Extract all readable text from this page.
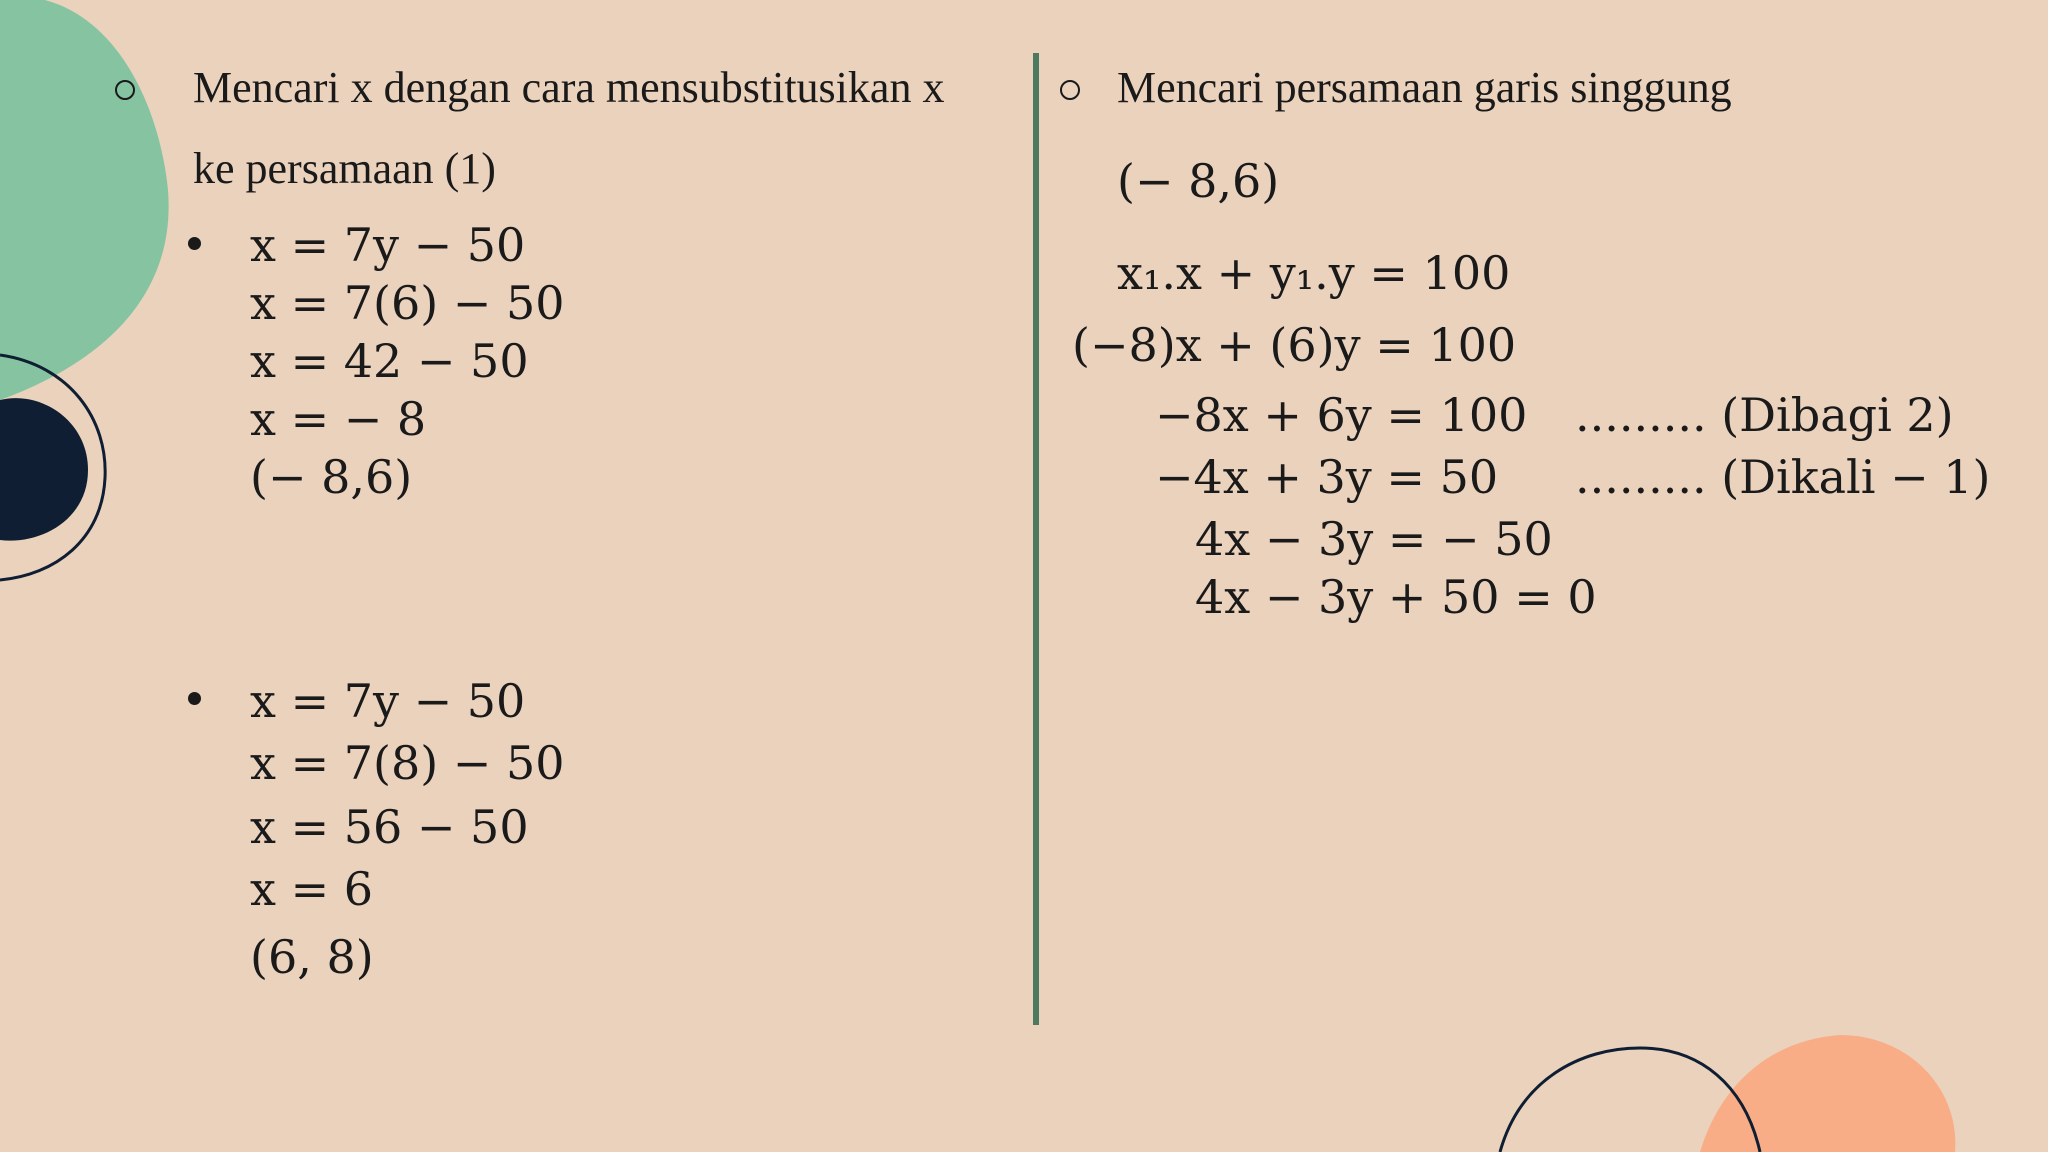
Mencari x dengan cara mensubstitusikan x
ke persamaan (1)
x = 7y − 50
x = 7(6) − 50
x = 42 − 50
x = − 8
(− 8,6)
x = 7y − 50
x = 7(8) − 50
x = 56 − 50
x = 6
(6, 8)
Mencari persamaan garis singgung
(− 8,6)
x₁.x + y₁.y = 100
(−8)x + (6)y = 100
−8x + 6y = 100 ......... (Dibagi 2)
−4x + 3y = 50 ......... (Dikali − 1)
4x − 3y = − 50
4x − 3y + 50 = 0
